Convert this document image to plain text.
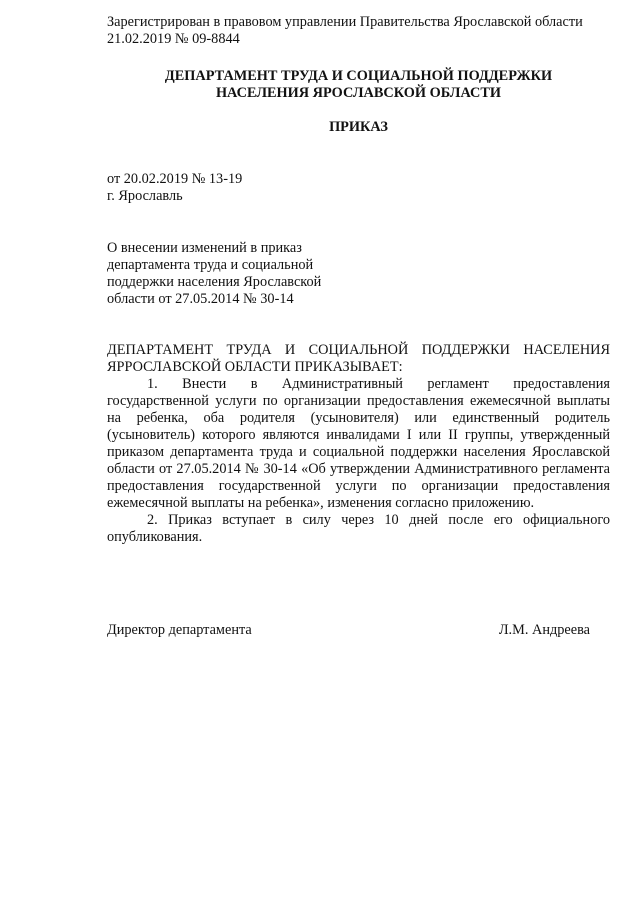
Зарегистрирован в правовом управлении Правительства Ярославской области
21.02.2019 № 09-8844
ДЕПАРТАМЕНТ ТРУДА И СОЦИАЛЬНОЙ ПОДДЕРЖКИ
НАСЕЛЕНИЯ ЯРОСЛАВСКОЙ ОБЛАСТИ
ПРИКАЗ
от 20.02.2019 № 13-19
г. Ярославль
О внесении изменений в приказ
департамента труда и социальной
поддержки населения Ярославской
области от 27.05.2014 № 30-14

ДЕПАРТАМЕНТ ТРУДА И СОЦИАЛЬНОЙ ПОДДЕРЖКИ НАСЕЛЕНИЯ ЯРРОСЛАВСКОЙ ОБЛАСТИ ПРИКАЗЫВАЕТ:

1. Внести в Административный регламент предоставления государственной услуги по организации предоставления ежемесячной выплаты на ребенка, оба родителя (усыновителя) или единственный родитель (усыновитель) которого являются инвалидами I или II группы, утвержденный приказом департамента труда и социальной поддержки населения Ярославской области от 27.05.2014 № 30-14 «Об утверждении Административного регламента предоставления государственной услуги по организации предоставления ежемесячной выплаты на ребенка», изменения согласно приложению.

2. Приказ вступает в силу через 10 дней после его официального опубликования.

Директор департамента	Л.М. Андреева
